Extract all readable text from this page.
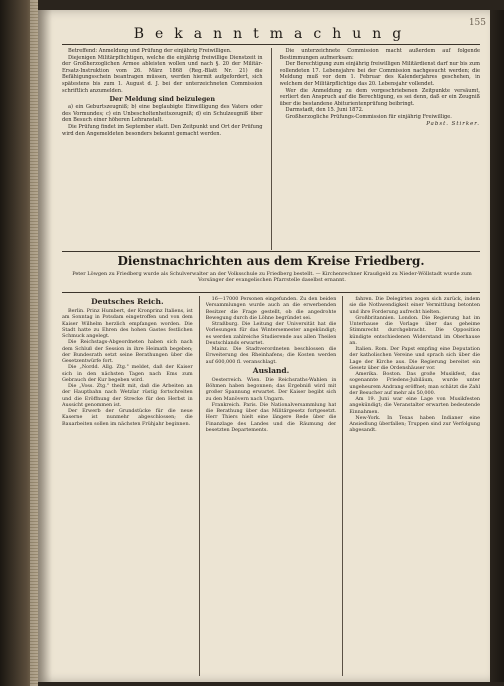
155
Bekanntmachung

Betreffend: Anmeldung und Prüfung der einjährig Freiwilligen.

Diejenigen Militärpflichtigen, welche die einjährig freiwillige Dienstzeit in der Großherzoglichen Armee ableisten wollen und nach §. 20 der Militär-Ersatz-Instruktion vom 26. März 1868 (Reg.-Blatt Nr. 21) die Befähigungsschein beantragen müssen, werden hiermit aufgefordert, sich spätestens bis zum 1. August d. J. bei der unterzeichneten Commission schriftlich anzumelden.

Der Meldung sind beizulegen

a) ein Geburtszeugniß; b) eine beglaubigte Einwilligung des Vaters oder des Vormundes; c) ein Unbescholtenheitszeugniß; d) ein Schulzeugniß über den Besuch einer höheren Lehranstalt.

Die Prüfung findet im September statt. Den Zeitpunkt und Ort der Prüfung wird den Angemeldeten besonders bekannt gemacht werden.

Die unterzeichnete Commission macht außerdem auf folgende Bestimmungen aufmerksam:

Der Berechtigung zum einjährig freiwilligen Militärdienst darf nur bis zum vollendeten 17. Lebensjahre bei der Commission nachgesucht werden; die Meldung muß vor dem 1. Februar des Kalenderjahres geschehen, in welchem der Militärpflichtige das 20. Lebensjahr vollendet.

Wer die Anmeldung zu dem vorgeschriebenen Zeitpunkte versäumt, verliert den Anspruch auf die Berechtigung, es sei denn, daß er ein Zeugniß über die bestandene Abiturientenprüfung beibringt.

Darmstadt, den 15. Juni 1872.

Großherzogliche Prüfungs-Commission für einjährig Freiwillige.

Pabst. Stirker.
Dienstnachrichten aus dem Kreise Friedberg.
Peter Löwgen zu Friedberg wurde als Schulverwalter an der Volksschule zu Friedberg bestellt. — Kirchenrechner Kraußgeld zu Nieder-Wöllstadt wurde zum Vorsänger der evangelischen Pfarrstelle daselbst ernannt.
Deutsches Reich.

Berlin. Prinz Humbert, der Kronprinz Italiens, ist am Sonntag in Potsdam eingetroffen und von dem Kaiser Wilhelm herzlich empfangen worden. Die Stadt hatte zu Ehren des hohen Gastes festlichen Schmuck angelegt.

Die Reichstags-Abgeordneten haben sich nach dem Schluß der Session in ihre Heimath begeben; der Bundesrath setzt seine Berathungen über die Gesetzentwürfe fort.

Die „Nordd. Allg. Ztg." meldet, daß der Kaiser sich in den nächsten Tagen nach Ems zum Gebrauch der Kur begeben wird.

Die „Voss. Ztg." theilt mit, daß die Arbeiten an der Hauptbahn nach Wetzlar rüstig fortschreiten und die Eröffnung der Strecke für den Herbst in Aussicht genommen ist.

Der Erwerb der Grundstücke für die neue Kaserne ist nunmehr abgeschlossen; die Bauarbeiten sollen im nächsten Frühjahr beginnen.

16—17000 Personen eingefunden. Zu den beiden Versammlungen wurde auch an die erwerbenden Besitzer die Frage gestellt, ob die angedrohte Bewegung durch die Löhne begründet sei.

Straßburg. Die Leitung der Universität hat die Vorlesungen für das Wintersemester angekündigt; es werden zahlreiche Studierende aus allen Theilen Deutschlands erwartet.

Mainz. Die Stadtverordneten beschlossen die Erweiterung des Rheinhafens; die Kosten werden auf 600,000 fl. veranschlagt.

Ausland.

Oesterreich. Wien. Die Reichsraths-Wahlen in Böhmen haben begonnen; das Ergebniß wird mit großer Spannung erwartet. Der Kaiser begibt sich zu den Manövern nach Ungarn.

Frankreich. Paris. Die Nationalversammlung hat die Berathung über das Militärgesetz fortgesetzt. Herr Thiers hielt eine längere Rede über die Finanzlage des Landes und die Räumung der besetzten Departements.

fahren. Die Delegirten zogen sich zurück, indem sie die Nothwendigkeit einer Vermittlung betonten und ihre Forderung aufrecht hielten.

Großbritannien. London. Die Regierung hat im Unterhause die Vorlage über das geheime Stimmrecht durchgebracht. Die Opposition kündigte entschiedenen Widerstand im Oberhause an.

Italien. Rom. Der Papst empfing eine Deputation der katholischen Vereine und sprach sich über die Lage der Kirche aus. Die Regierung bereitet ein Gesetz über die Ordenshäuser vor.

Amerika. Boston. Das große Musikfest, das sogenannte Friedens-Jubiläum, wurde unter ungeheurem Andrang eröffnet; man schätzt die Zahl der Besucher auf mehr als 50,000.

Am 19. Juni war eine Lage von Musikfesten angekündigt; die Veranstalter erwarten bedeutende Einnahmen.

New-York. In Texas haben Indianer eine Ansiedlung überfallen; Truppen sind zur Verfolgung abgesandt.
